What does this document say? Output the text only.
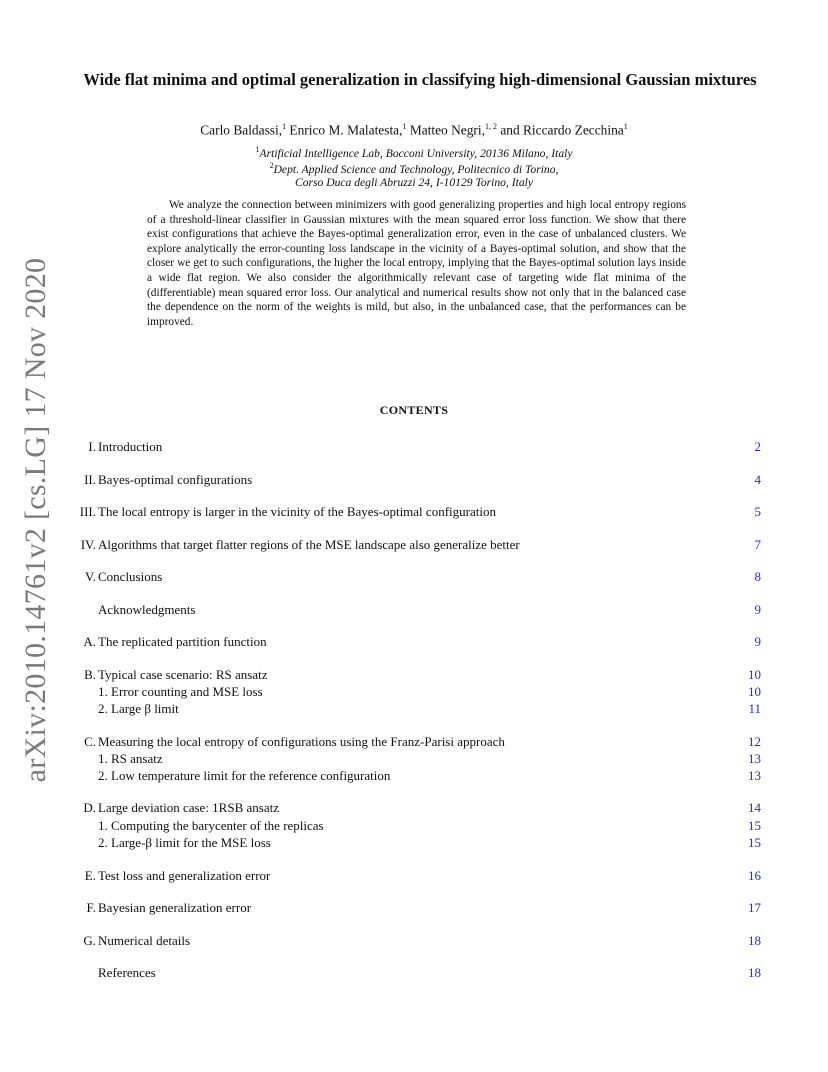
arXiv:2010.14761v2 [cs.LG] 17 Nov 2020
Wide flat minima and optimal generalization in classifying high-dimensional Gaussian mixtures
Carlo Baldassi,$^1$ Enrico M. Malatesta,$^1$ Matteo Negri,$^{1, 2}$ and Riccardo Zecchina$^1$
$^1$Artificial Intelligence Lab, Bocconi University, 20136 Milano, Italy
$^2$Dept. Applied Science and Technology, Politecnico di Torino,
Corso Duca degli Abruzzi 24, I-10129 Torino, Italy

We analyze the connection between minimizers with good generalizing properties and high local entropy regions of a threshold-linear classifier in Gaussian mixtures with the mean squared error loss function. We show that there exist configurations that achieve the Bayes-optimal generalization error, even in the case of unbalanced clusters. We explore analytically the error-counting loss landscape in the vicinity of a Bayes-optimal solution, and show that the closer we get to such configurations, the higher the local entropy, implying that the Bayes-optimal solution lays inside a wide flat region. We also consider the algorithmically relevant case of targeting wide flat minima of the (differentiable) mean squared error loss. Our analytical and numerical results show not only that in the balanced case the dependence on the norm of the weights is mild, but also, in the unbalanced case, that the performances can be improved.

CONTENTS
I. Introduction	2
II. Bayes-optimal configurations	4
III. The local entropy is larger in the vicinity of the Bayes-optimal configuration	5
IV. Algorithms that target flatter regions of the MSE landscape also generalize better	7
V. Conclusions	8
Acknowledgments	9
A. The replicated partition function	9
B. Typical case scenario: RS ansatz	10
1. Error counting and MSE loss	10
2. Large β limit	11
C. Measuring the local entropy of configurations using the Franz-Parisi approach	12
1. RS ansatz	13
2. Low temperature limit for the reference configuration	13
D. Large deviation case: 1RSB ansatz	14
1. Computing the barycenter of the replicas	15
2. Large-β limit for the MSE loss	15
E. Test loss and generalization error	16
F. Bayesian generalization error	17
G. Numerical details	18
References	18
